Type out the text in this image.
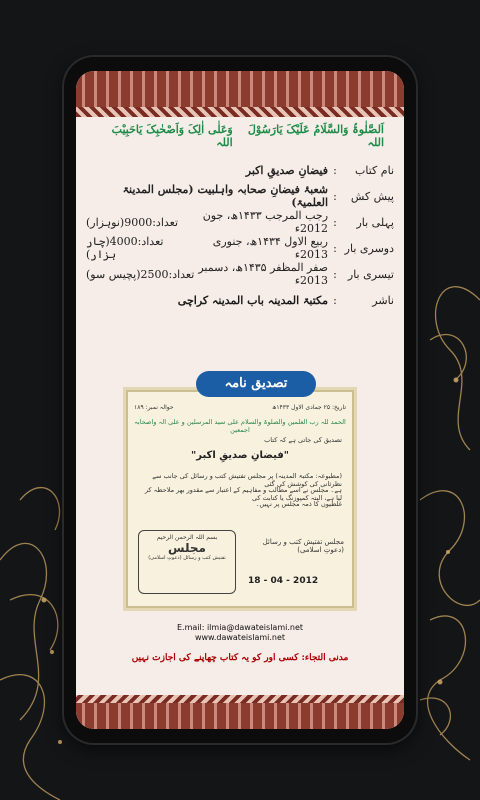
اَلصَّلٰوۃُ وَالسَّلَامُ عَلَیْکَ یَارَسُوْلَ اللہ
وَعَلٰی اٰلِکَ وَاَصْحٰبِکَ یَاحَبِیْبَ اللہ
نام کتاب
:
فیضانِ صدیقِ اکبر
پیش کش
:
شعبۂ فیضانِ صحابہ واہلبیت (مجلس المدینۃ العلمیۃ)
پہلی بار
:
رجب المرجب ۱۴۳۳ھ، جون 2012ء
تعداد:9000(نوہزار)
دوسری بار
:
ربیع الاول ۱۴۳۴ھ، جنوری 2013ء
تعداد:4000(چار ہزار)
تیسری بار
:
صفر المظفر ۱۴۳۵ھ، دسمبر 2013ء
تعداد:2500(پچیس سو)
ناشر
:
مکتبۃ المدینہ باب المدینہ کراچی
تاریخ: ۲۵ جمادی الاول ۱۴۳۳ھ
حوالہ نمبر: ۱۸۹
الحمد للہ رب العلمین والصلوۃ والسلام علی سید المرسلین و علی الہ واصحابہ اجمعین
تصدیق کی جاتی ہے کہ کتاب
"فیضانِ صدیقِ اکبر"
(مطبوعہ: مکتبۃ المدینہ) پر مجلس تفتیش کتب و رسائل کی جانب سے نظرثانی کی کوشش کی گئی
ہے۔ مجلس نے اسے مطالب و مفاہیم کے اعتبار سے مقدور بھر ملاحظہ کر لیا ہے، البتہ کمپوزنگ یا کتابت کی
غلطیوں کا ذمہ مجلس پر نہیں۔
بسم اللہ الرحمن الرحیم
مجلس
تفتیش کتب و رسائل (دعوتِ اسلامی)
مجلس تفتیش کتب و رسائل (دعوتِ اسلامی)
18 - 04 - 2012
تصدیق نامہ
E.mail: ilmia@dawateislami.net
www.dawateislami.net
مدنی التجاء: کسی اور کو یہ کتاب چھاپنے کی اجازت نہیں
